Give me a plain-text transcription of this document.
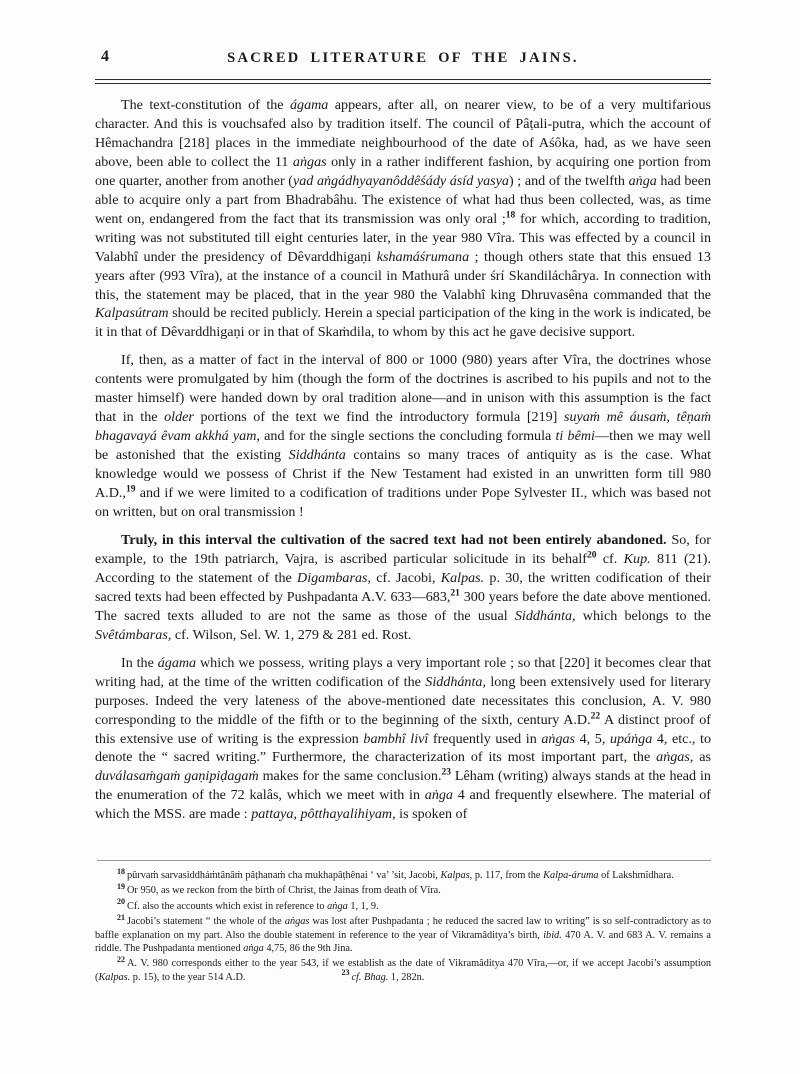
4	SACRED LITERATURE OF THE JAINS.

The text-constitution of the ágama appears, after all, on nearer view, to be of a very multifarious character. And this is vouchsafed also by tradition itself. The council of Pâṭali-putra, which the account of Hêmachandra [218] places in the immediate neighbourhood of the date of Aśôka, had, as we have seen above, been able to collect the 11 aṅgas only in a rather indifferent fashion, by acquiring one portion from one quarter, another from another (yad aṅgádhyayanôddêśády ásíd yasya) ; and of the twelfth aṅga had been able to acquire only a part from Bhadrabâhu. The existence of what had thus been collected, was, as time went on, endangered from the fact that its transmission was only oral ;$^{18}$ for which, according to tradition, writing was not substituted till eight centuries later, in the year 980 Vîra. This was effected by a council in Valabhî under the presidency of Dêvarddhigaṇi kshamáśrumana ; though others state that this ensued 13 years after (993 Vîra), at the instance of a council in Mathurâ under śrí Skandiláchârya. In connection with this, the statement may be placed, that in the year 980 the Valabhî king Dhruvasêna commanded that the Kalpasútram should be recited publicly. Herein a special participation of the king in the work is indicated, be it in that of Dêvarddhigaṇi or in that of Skaṁdila, to whom by this act he gave decisive support.

If, then, as a matter of fact in the interval of 800 or 1000 (980) years after Vîra, the doctrines whose contents were promulgated by him (though the form of the doctrines is ascribed to his pupils and not to the master himself) were handed down by oral tradition alone—and in unison with this assumption is the fact that in the older portions of the text we find the introductory formula [219] suyaṁ mê áusaṁ, têṇaṁ bhagavayá êvam akkhá yam, and for the single sections the concluding formula ti bêmi—then we may well be astonished that the existing Siddhánta contains so many traces of antiquity as is the case. What knowledge would we possess of Christ if the New Testament had existed in an unwritten form till 980 A.D.,$^{19}$ and if we were limited to a codification of traditions under Pope Sylvester II., which was based not on written, but on oral transmission !

Truly, in this interval the cultivation of the sacred text had not been entirely abandoned. So, for example, to the 19th patriarch, Vajra, is ascribed particular solicitude in its behalf$^{20}$ cf. Kup. 811 (21). According to the statement of the Digambaras, cf. Jacobi, Kalpas. p. 30, the written codification of their sacred texts had been effected by Pushpadanta A.V. 633—683,21 300 years before the date above mentioned. The sacred texts alluded to are not the same as those of the usual Siddhánta, which belongs to the Svêtámbaras, cf. Wilson, Sel. W. 1, 279 & 281 ed. Rost.

In the ágama which we possess, writing plays a very important role ; so that [220] it becomes clear that writing had, at the time of the written codification of the Siddhánta, long been extensively used for literary purposes. Indeed the very lateness of the above-mentioned date necessitates this conclusion, A. V. 980 corresponding to the middle of the fifth or to the beginning of the sixth, century A.D.$^{22}$ A distinct proof of this extensive use of writing is the expression bambhî livî frequently used in aṅgas 4, 5, upáṅga 4, etc., to denote the “ sacred writing.” Furthermore, the characterization of its most important part, the aṅgas, as duválasaṁgaṁ gaṇipiḍagaṁ makes for the same conclusion.$^{23}$ Lêham (writing) always stands at the head in the enumeration of the 72 kalâs, which we meet with in aṅga 4 and frequently elsewhere. The material of which the MSS. are made : pattaya, pôtthayalihiyam, is spoken of

$^{18}$ pûrvaṁ sarvasiddháṁtânâṁ pâṭhanaṁ cha mukhapâṭhênai ‘ va’ ’sit, Jacobi, Kalpas, p. 117, from the Kalpa-áruma of Lakshmîdhara.

$^{19}$ Or 950, as we reckon from the birth of Christ, the Jainas from death of Vîra.

$^{20}$ Cf. also the accounts which exist in reference to aṅga 1, 1, 9.

$^{21}$ Jacobi’s statement “ the whole of the aṅgas was lost after Pushpadanta ; he reduced the sacred law to writing” is so self-contradictory as to baffle explanation on my part. Also the double statement in reference to the year of Vikramâditya’s birth, ibid. 470 A. V. and 683 A. V. remains a riddle. The Pushpadanta mentioned aṅga 4,75, 86 the 9th Jina.

$^{22}$ A. V. 980 corresponds either to the year 543, if we establish as the date of Vikramâditya 470 Vîra,—or, if we accept Jacobi’s assumption (Kalpas. p. 15), to the year 514 A.D.	$^{23}$ cf. Bhag. 1, 282n.
